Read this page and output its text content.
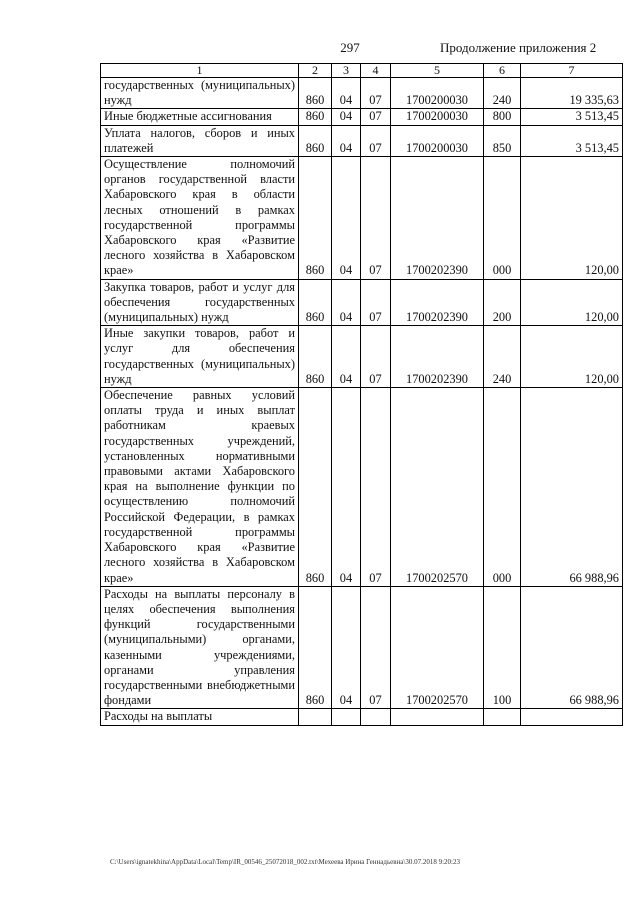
297	Продолжение приложения 2
1	2	3	4	5	6	7
государственных (муниципальных) нужд	860	04	07	1700200030	240	19 335,63
Иные бюджетные ассигнования	860	04	07	1700200030	800	3 513,45
Уплата налогов, сборов и иных платежей	860	04	07	1700200030	850	3 513,45
Осуществление полномочий органов государственной власти Хабаровского края в области лесных отношений в рамках государственной программы Хабаровского края «Развитие лесного хозяйства в Хабаровском крае»	860	04	07	1700202390	000	120,00
Закупка товаров, работ и услуг для обеспечения государственных (муниципальных) нужд	860	04	07	1700202390	200	120,00
Иные закупки товаров, работ и услуг для обеспечения государственных (муниципальных) нужд	860	04	07	1700202390	240	120,00
Обеспечение равных условий оплаты труда и иных выплат работникам краевых государственных учреждений, установленных нормативными правовыми актами Хабаровского края на выполнение функции по осуществлению полномочий Российской Федерации, в рамках государственной программы Хабаровского края «Развитие лесного хозяйства в Хабаровском крае»	860	04	07	1700202570	000	66 988,96
Расходы на выплаты персоналу в целях обеспечения выполнения функций государственными (муниципальными) органами, казенными учреждениями, органами управления государственными внебюджетными фондами	860	04	07	1700202570	100	66 988,96
Расходы на выплаты						
C:\Users\ignatekhina\AppData\Local\Temp\IR_00546_25072018_002.txt\Мехеева Ирина Геннадьевна\30.07.2018 9:20:23
